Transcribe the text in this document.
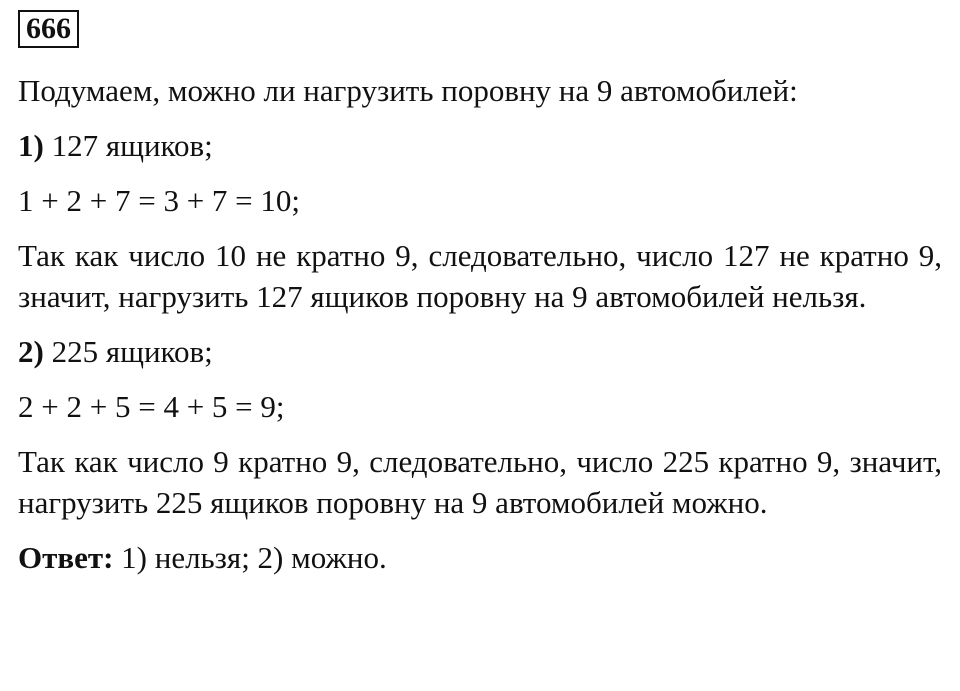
666

Подумаем, можно ли нагрузить поровну на 9 автомобилей:

1) 127 ящиков;

1 + 2 + 7 = 3 + 7 = 10;

Так как число 10 не кратно 9, следовательно, число 127 не кратно 9, значит, нагрузить 127 ящиков поровну на 9 автомобилей нельзя.

2) 225 ящиков;

2 + 2 + 5 = 4 + 5 = 9;

Так как число 9 кратно 9, следовательно, число 225 кратно 9, значит, нагрузить 225 ящиков поровну на 9 автомобилей можно.

Ответ: 1) нельзя; 2) можно.
